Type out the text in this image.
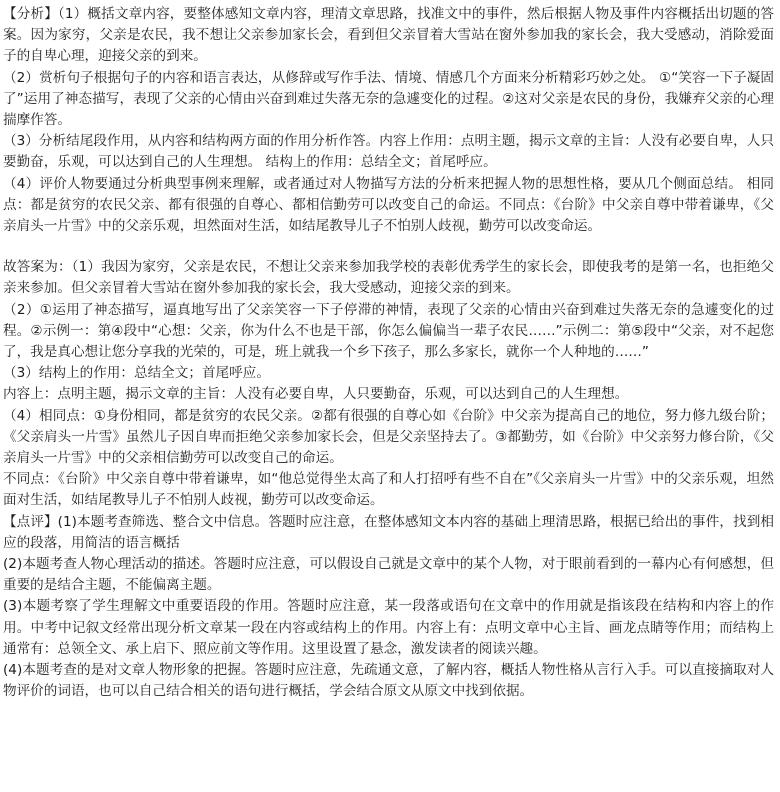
【分析】（1）概括文章内容，要整体感知文章内容，理清文章思路，找准文中的事件，然后根据人物及事件内容概括出切题的答案。因为家穷，父亲是农民，我不想让父亲参加家长会，看到但父亲冒着大雪站在窗外参加我的家长会，我大受感动，消除爱面子的自卑心理，迎接父亲的到来。

（2）赏析句子根据句子的内容和语言表达，从修辞或写作手法、情境、情感几个方面来分析精彩巧妙之处。 ①“笑容一下子凝固了”运用了神态描写，表现了父亲的心情由兴奋到难过失落无奈的急遽变化的过程。②这对父亲是农民的身份，我嫌弃父亲的心理揣摩作答。

（3）分析结尾段作用，从内容和结构两方面的作用分析作答。内容上作用：点明主题，揭示文章的主旨：人没有必要自卑，人只要勤奋，乐观，可以达到自己的人生理想。 结构上的作用：总结全文；首尾呼应。

（4）评价人物要通过分析典型事例来理解，或者通过对人物描写方法的分析来把握人物的思想性格，要从几个侧面总结。 相同点：都是贫穷的农民父亲、都有很强的自尊心、都相信勤劳可以改变自己的命运。不同点：《台阶》中父亲自尊中带着谦卑，《父亲肩头一片雪》中的父亲乐观，坦然面对生活，如结尾教导儿子不怕别人歧视，勤劳可以改变命运。

故答案为：（1）我因为家穷，父亲是农民，不想让父亲来参加我学校的表彰优秀学生的家长会，即使我考的是第一名，也拒绝父亲来参加。但父亲冒着大雪站在窗外参加我的家长会，我大受感动，迎接父亲的到来。

（2）①运用了神态描写，逼真地写出了父亲笑容一下子停滞的神情，表现了父亲的心情由兴奋到难过失落无奈的急遽变化的过程。②示例一：第④段中“心想：父亲，你为什么不也是干部，你怎么偏偏当一辈子农民……”示例二：第⑤段中“父亲，对不起您了，我是真心想让您分享我的光荣的，可是，班上就我一个乡下孩子，那么多家长，就你一个人种地的……”

（3）结构上的作用：总结全文；首尾呼应。

内容上：点明主题，揭示文章的主旨：人没有必要自卑，人只要勤奋，乐观，可以达到自己的人生理想。

（4）相同点：①身份相同，都是贫穷的农民父亲。②都有很强的自尊心如《台阶》中父亲为提高自己的地位，努力修九级台阶；《父亲肩头一片雪》虽然儿子因自卑而拒绝父亲参加家长会，但是父亲坚持去了。③都勤劳，如《台阶》中父亲努力修台阶，《父亲肩头一片雪》中的父亲相信勤劳可以改变自己的命运。

不同点：《台阶》中父亲自尊中带着谦卑，如“他总觉得坐太高了和人打招呼有些不自在”《父亲肩头一片雪》中的父亲乐观，坦然面对生活，如结尾教导儿子不怕别人歧视，勤劳可以改变命运。

【点评】(1)本题考查筛选、整合文中信息。答题时应注意，在整体感知文本内容的基础上理清思路，根据已给出的事件，找到相应的段落，用简洁的语言概括

(2)本题考查人物心理活动的描述。答题时应注意，可以假设自己就是文章中的某个人物，对于眼前看到的一幕内心有何感想，但重要的是结合主题，不能偏离主题。

(3)本题考察了学生理解文中重要语段的作用。答题时应注意，某一段落或语句在文章中的作用就是指该段在结构和内容上的作用。中考中记叙文经常出现分析文章某一段在内容或结构上的作用。内容上有：点明文章中心主旨、画龙点睛等作用；而结构上通常有：总领全文、承上启下、照应前文等作用。这里设置了悬念，激发读者的阅读兴趣。

(4)本题考查的是对文章人物形象的把握。答题时应注意，先疏通文意，了解内容，概括人物性格从言行入手。可以直接摘取对人物评价的词语，也可以自己结合相关的语句进行概括，学会结合原文从原文中找到依据。
